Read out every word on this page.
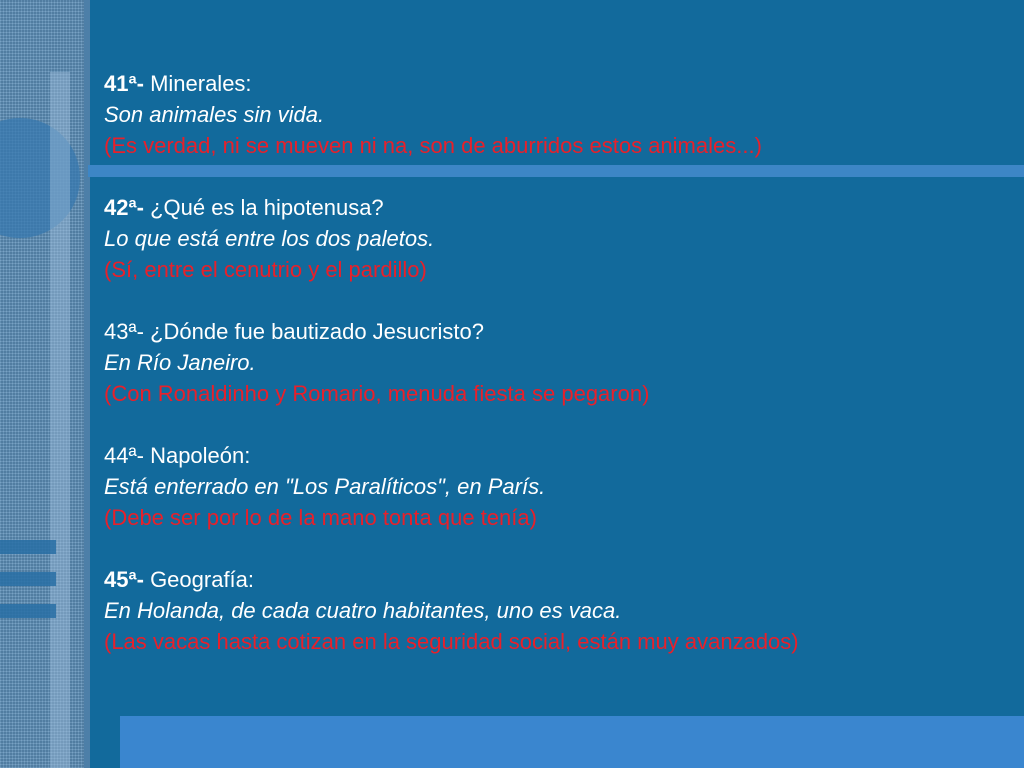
41ª- Minerales:

Son animales sin vida.

(Es verdad, ni se mueven ni na, son de aburridos estos animales...)

42ª- ¿Qué es la hipotenusa?

Lo que está entre los dos paletos.

(Sí, entre el cenutrio y el pardillo)

43ª- ¿Dónde fue bautizado Jesucristo?

En Río Janeiro.

(Con Ronaldinho y Romario, menuda fiesta se pegaron)

44ª- Napoleón:

Está enterrado en "Los Paralíticos", en París.

(Debe ser por lo de la mano tonta que tenía)

45ª- Geografía:

En Holanda, de cada cuatro habitantes, uno es vaca.

(Las vacas hasta cotizan en la seguridad social, están muy avanzados)
